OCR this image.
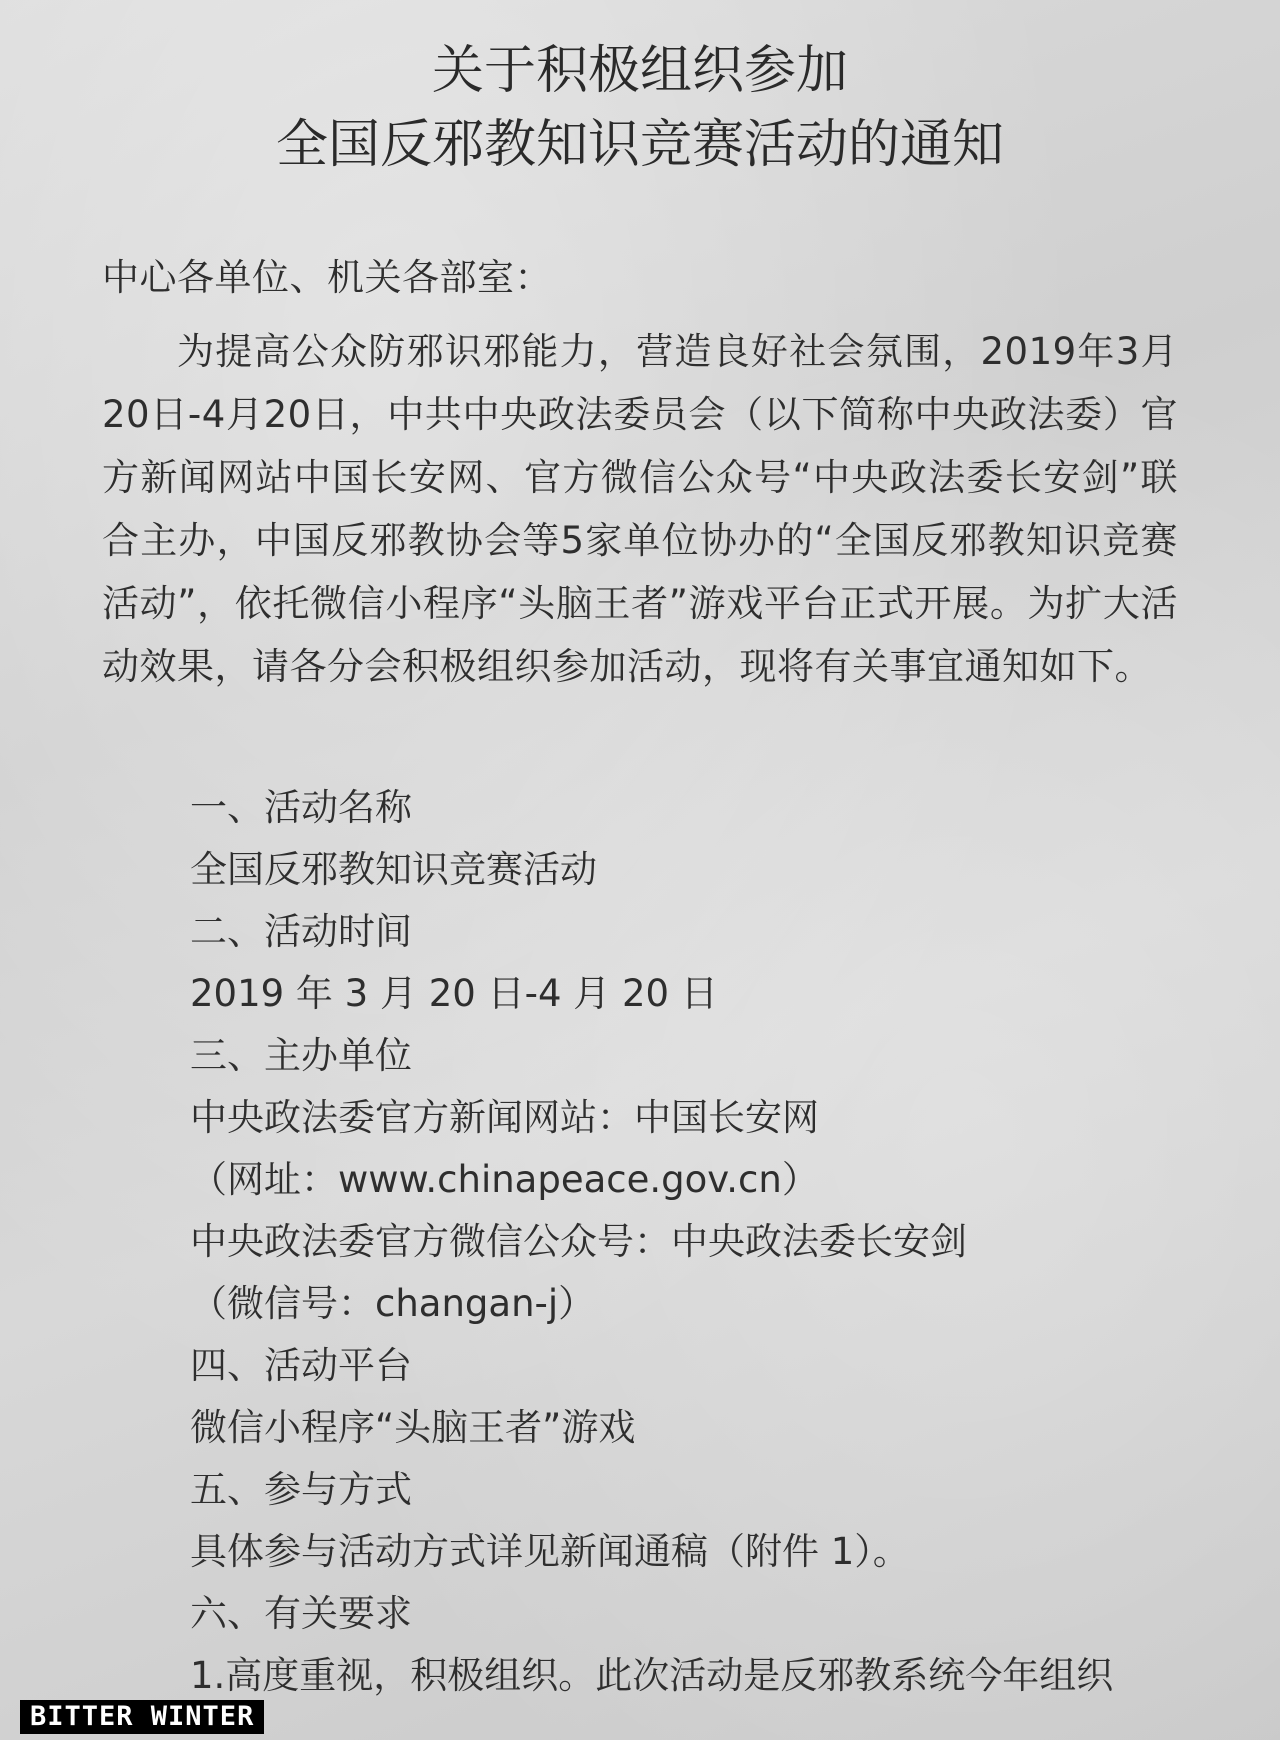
关于积极组织参加
全国反邪教知识竞赛活动的通知

中心各单位、机关各部室：

为提高公众防邪识邪能力，营造良好社会氛围，2019年3月20日-4月20日，中共中央政法委员会（以下简称中央政法委）官方新闻网站中国长安网、官方微信公众号“中央政法委长安剑”联合主办，中国反邪教协会等5家单位协办的“全国反邪教知识竞赛活动”，依托微信小程序“头脑王者”游戏平台正式开展。为扩大活动效果，请各分会积极组织参加活动，现将有关事宜通知如下。

一、活动名称
全国反邪教知识竞赛活动
二、活动时间
2019 年 3 月 20 日-4 月 20 日
三、主办单位
中央政法委官方新闻网站：中国长安网
（网址：www.chinapeace.gov.cn）
中央政法委官方微信公众号：中央政法委长安剑
（微信号：changan-j）
四、活动平台
微信小程序“头脑王者”游戏
五、参与方式
具体参与活动方式详见新闻通稿（附件 1）。
六、有关要求
1.高度重视，积极组织。此次活动是反邪教系统今年组织
BITTER WINTER
